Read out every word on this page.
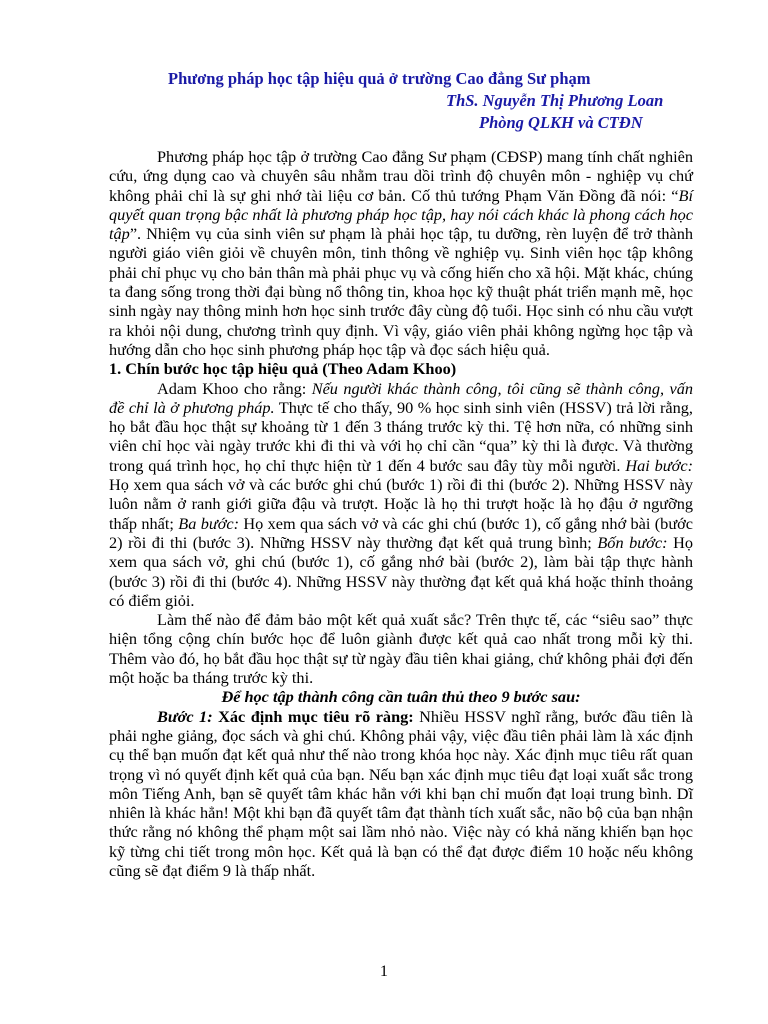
Phương pháp học tập hiệu quả ở trường Cao đẳng Sư phạm
ThS. Nguyễn Thị Phương Loan
Phòng QLKH và CTĐN

Phương pháp học tập ở trường Cao đẳng Sư phạm (CĐSP) mang tính chất nghiên cứu, ứng dụng cao và chuyên sâu nhằm trau dồi trình độ chuyên môn - nghiệp vụ chứ không phải chỉ là sự ghi nhớ tài liệu cơ bản. Cố thủ tướng Phạm Văn Đồng đã nói: “Bí quyết quan trọng bậc nhất là phương pháp học tập, hay nói cách khác là phong cách học tập”. Nhiệm vụ của sinh viên sư phạm là phải học tập, tu dưỡng, rèn luyện để trở thành người giáo viên giỏi về chuyên môn, tinh thông về nghiệp vụ. Sinh viên học tập không phải chỉ phục vụ cho bản thân mà phải phục vụ và cống hiến cho xã hội. Mặt khác, chúng ta đang sống trong thời đại bùng nổ thông tin, khoa học kỹ thuật phát triển mạnh mẽ, học sinh ngày nay thông minh hơn học sinh trước đây cùng độ tuổi. Học sinh có nhu cầu vượt ra khỏi nội dung, chương trình quy định. Vì vậy, giáo viên phải không ngừng học tập và hướng dẫn cho học sinh phương pháp học tập và đọc sách hiệu quả.

1. Chín bước học tập hiệu quả (Theo Adam Khoo)

Adam Khoo cho rằng: Nếu người khác thành công, tôi cũng sẽ thành công, vấn đề chỉ là ở phương pháp. Thực tế cho thấy, 90 % học sinh sinh viên (HSSV) trả lời rằng, họ bắt đầu học thật sự khoảng từ 1 đến 3 tháng trước kỳ thi. Tệ hơn nữa, có những sinh viên chỉ học vài ngày trước khi đi thi và với họ chỉ cần “qua” kỳ thi là được. Và thường trong quá trình học, họ chỉ thực hiện từ 1 đến 4 bước sau đây tùy mỗi người. Hai bước: Họ xem qua sách vở và các bước ghi chú (bước 1) rồi đi thi (bước 2). Những HSSV này luôn nằm ở ranh giới giữa đậu và trượt. Hoặc là họ thi trượt hoặc là họ đậu ở ngưỡng thấp nhất; Ba bước: Họ xem qua sách vở và các ghi chú (bước 1), cố gắng nhớ bài (bước 2) rồi đi thi (bước 3). Những HSSV này thường đạt kết quả trung bình; Bốn bước: Họ xem qua sách vở, ghi chú (bước 1), cố gắng nhớ bài (bước 2), làm bài tập thực hành (bước 3) rồi đi thi (bước 4). Những HSSV này thường đạt kết quả khá hoặc thỉnh thoảng có điểm giỏi.

Làm thế nào để đảm bảo một kết quả xuất sắc? Trên thực tế, các “siêu sao” thực hiện tổng cộng chín bước học để luôn giành được kết quả cao nhất trong mỗi kỳ thi. Thêm vào đó, họ bắt đầu học thật sự từ ngày đầu tiên khai giảng, chứ không phải đợi đến một hoặc ba tháng trước kỳ thi.

Để học tập thành công cần tuân thủ theo 9 bước sau:

Bước 1: Xác định mục tiêu rõ ràng: Nhiều HSSV nghĩ rằng, bước đầu tiên là phải nghe giảng, đọc sách và ghi chú. Không phải vậy, việc đầu tiên phải làm là xác định cụ thể bạn muốn đạt kết quả như thế nào trong khóa học này. Xác định mục tiêu rất quan trọng vì nó quyết định kết quả của bạn. Nếu bạn xác định mục tiêu đạt loại xuất sắc trong môn Tiếng Anh, bạn sẽ quyết tâm khác hẳn với khi bạn chỉ muốn đạt loại trung bình. Dĩ nhiên là khác hẳn! Một khi bạn đã quyết tâm đạt thành tích xuất sắc, não bộ của bạn nhận thức rằng nó không thể phạm một sai lầm nhỏ nào. Việc này có khả năng khiến bạn học kỹ từng chi tiết trong môn học. Kết quả là bạn có thể đạt được điểm 10 hoặc nếu không cũng sẽ đạt điểm 9 là thấp nhất.

1
